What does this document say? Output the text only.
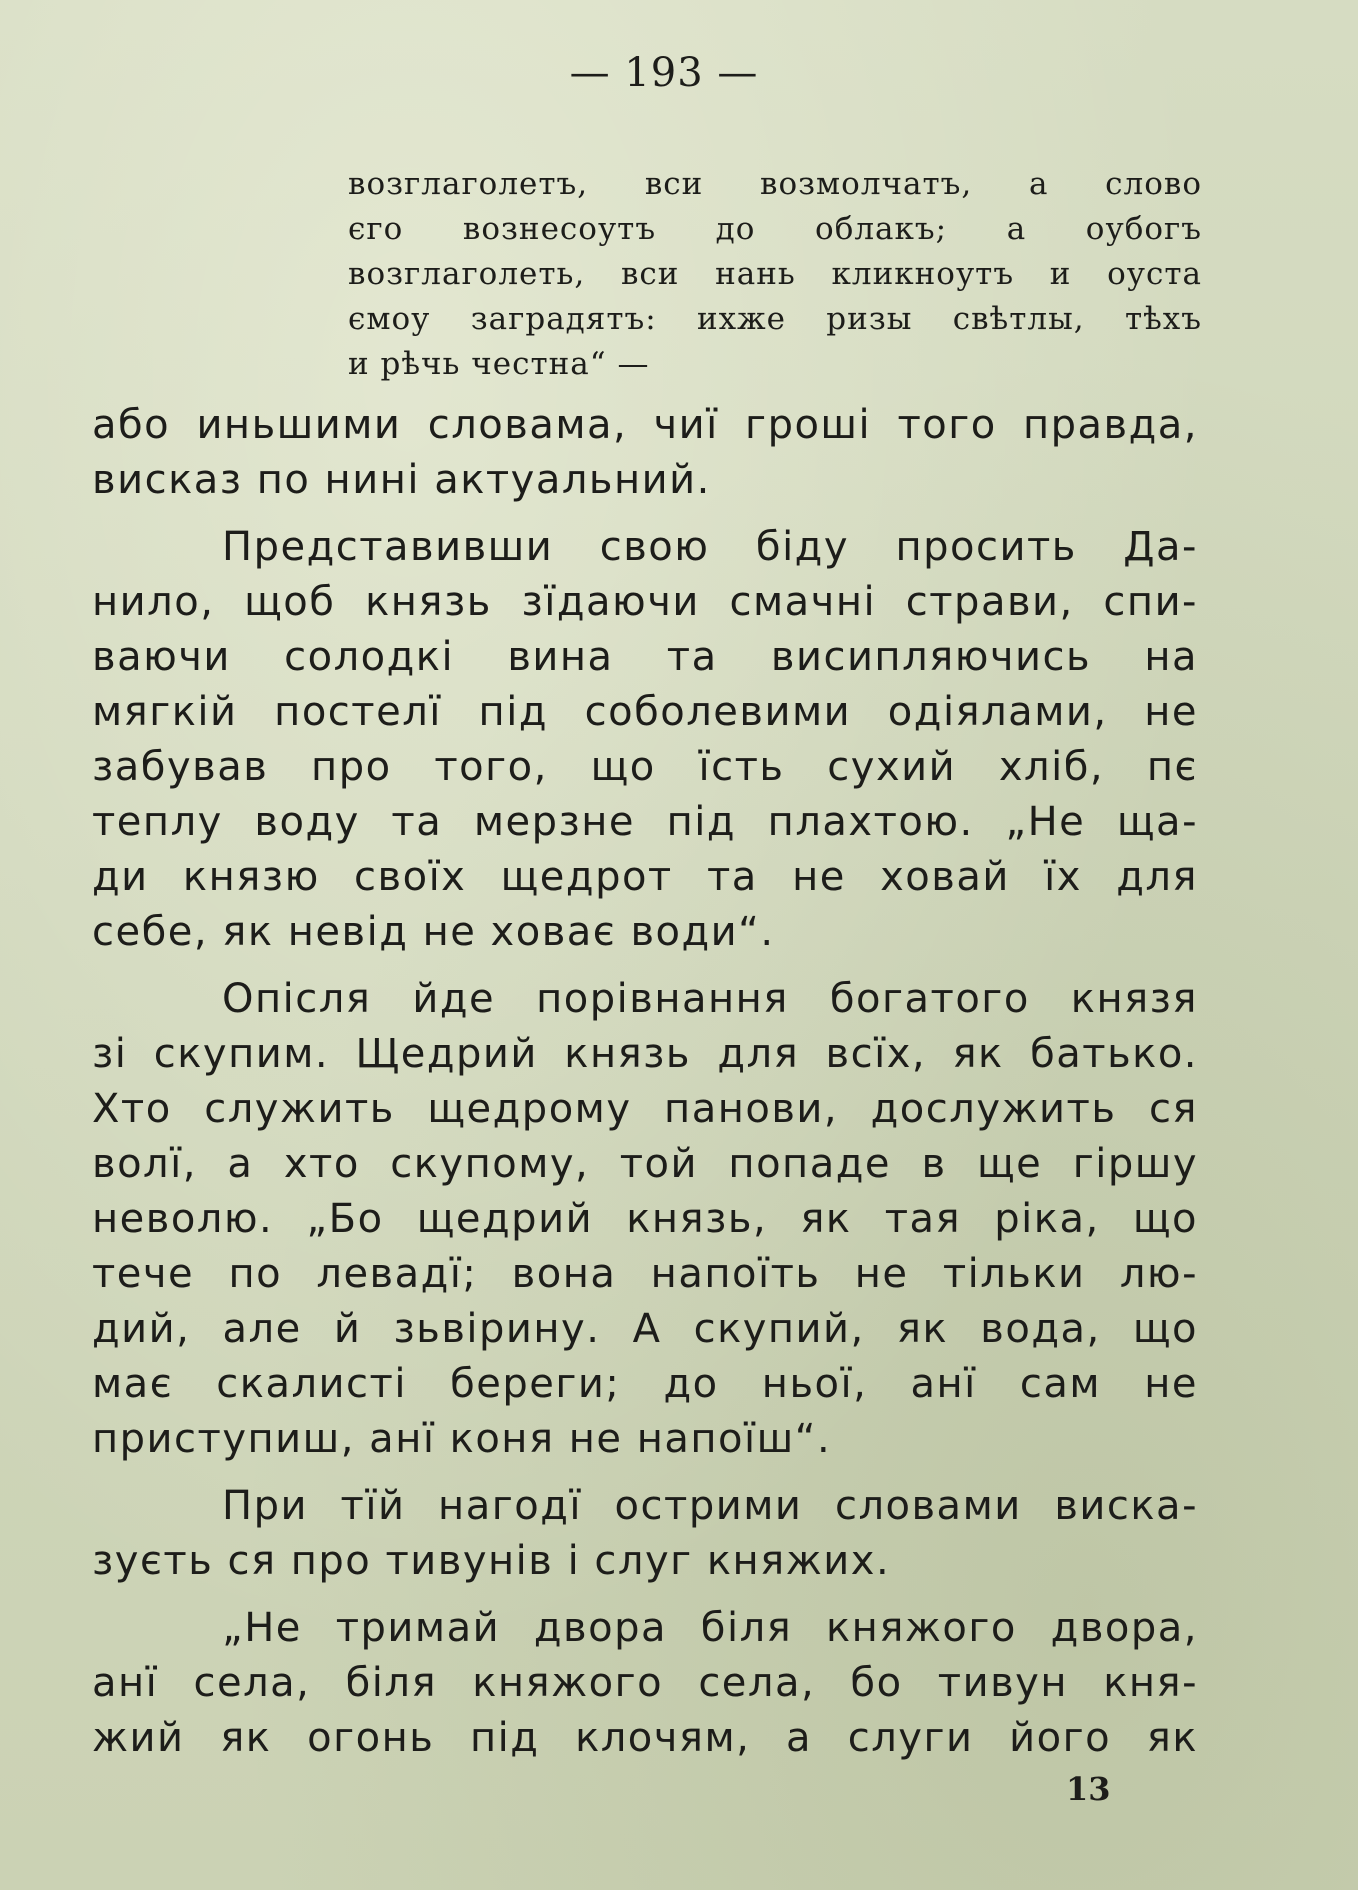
— 193 —
возглаголетъ, вси возмолчатъ, а слово
єго вознесоутъ до облакъ; а оубогъ
возглаголеть, вси нань кликноутъ и оуста
ємоу заградятъ: ихже ризы свѣтлы, тѣхъ
и рѣчь честна“ —
або иньшими словама, чиї гроші того правда,
висказ по нині актуальний.
Представивши свою біду просить Да-
нило, щоб князь зїдаючи смачні страви, спи-
ваючи солодкі вина та висипляючись на
мягкій постелї під соболевими одіялами, не
забував про того, що їсть сухий хліб, пє
теплу воду та мерзне під плахтою. „Не ща-
ди князю своїх щедрот та не ховай їх для
себе, як невід не ховає води“.
Опісля йде порівнання богатого князя
зі скупим. Щедрий князь для всїх, як батько.
Хто служить щедрому панови, дослужить ся
волї, а хто скупому, той попаде в ще гіршу
неволю. „Бо щедрий князь, як тая ріка, що
тече по левадї; вона напоїть не тільки лю-
дий, але й зьвірину. А скупий, як вода, що
має скалисті береги; до ньої, анї сам не
приступиш, анї коня не напоїш“.
При тїй нагодї острими словами виска-
зуєть ся про тивунів і слуг княжих.
„Не тримай двора біля княжого двора,
анї села, біля княжого села, бо тивун кня-
жий як огонь під клочям, а слуги його як
13
